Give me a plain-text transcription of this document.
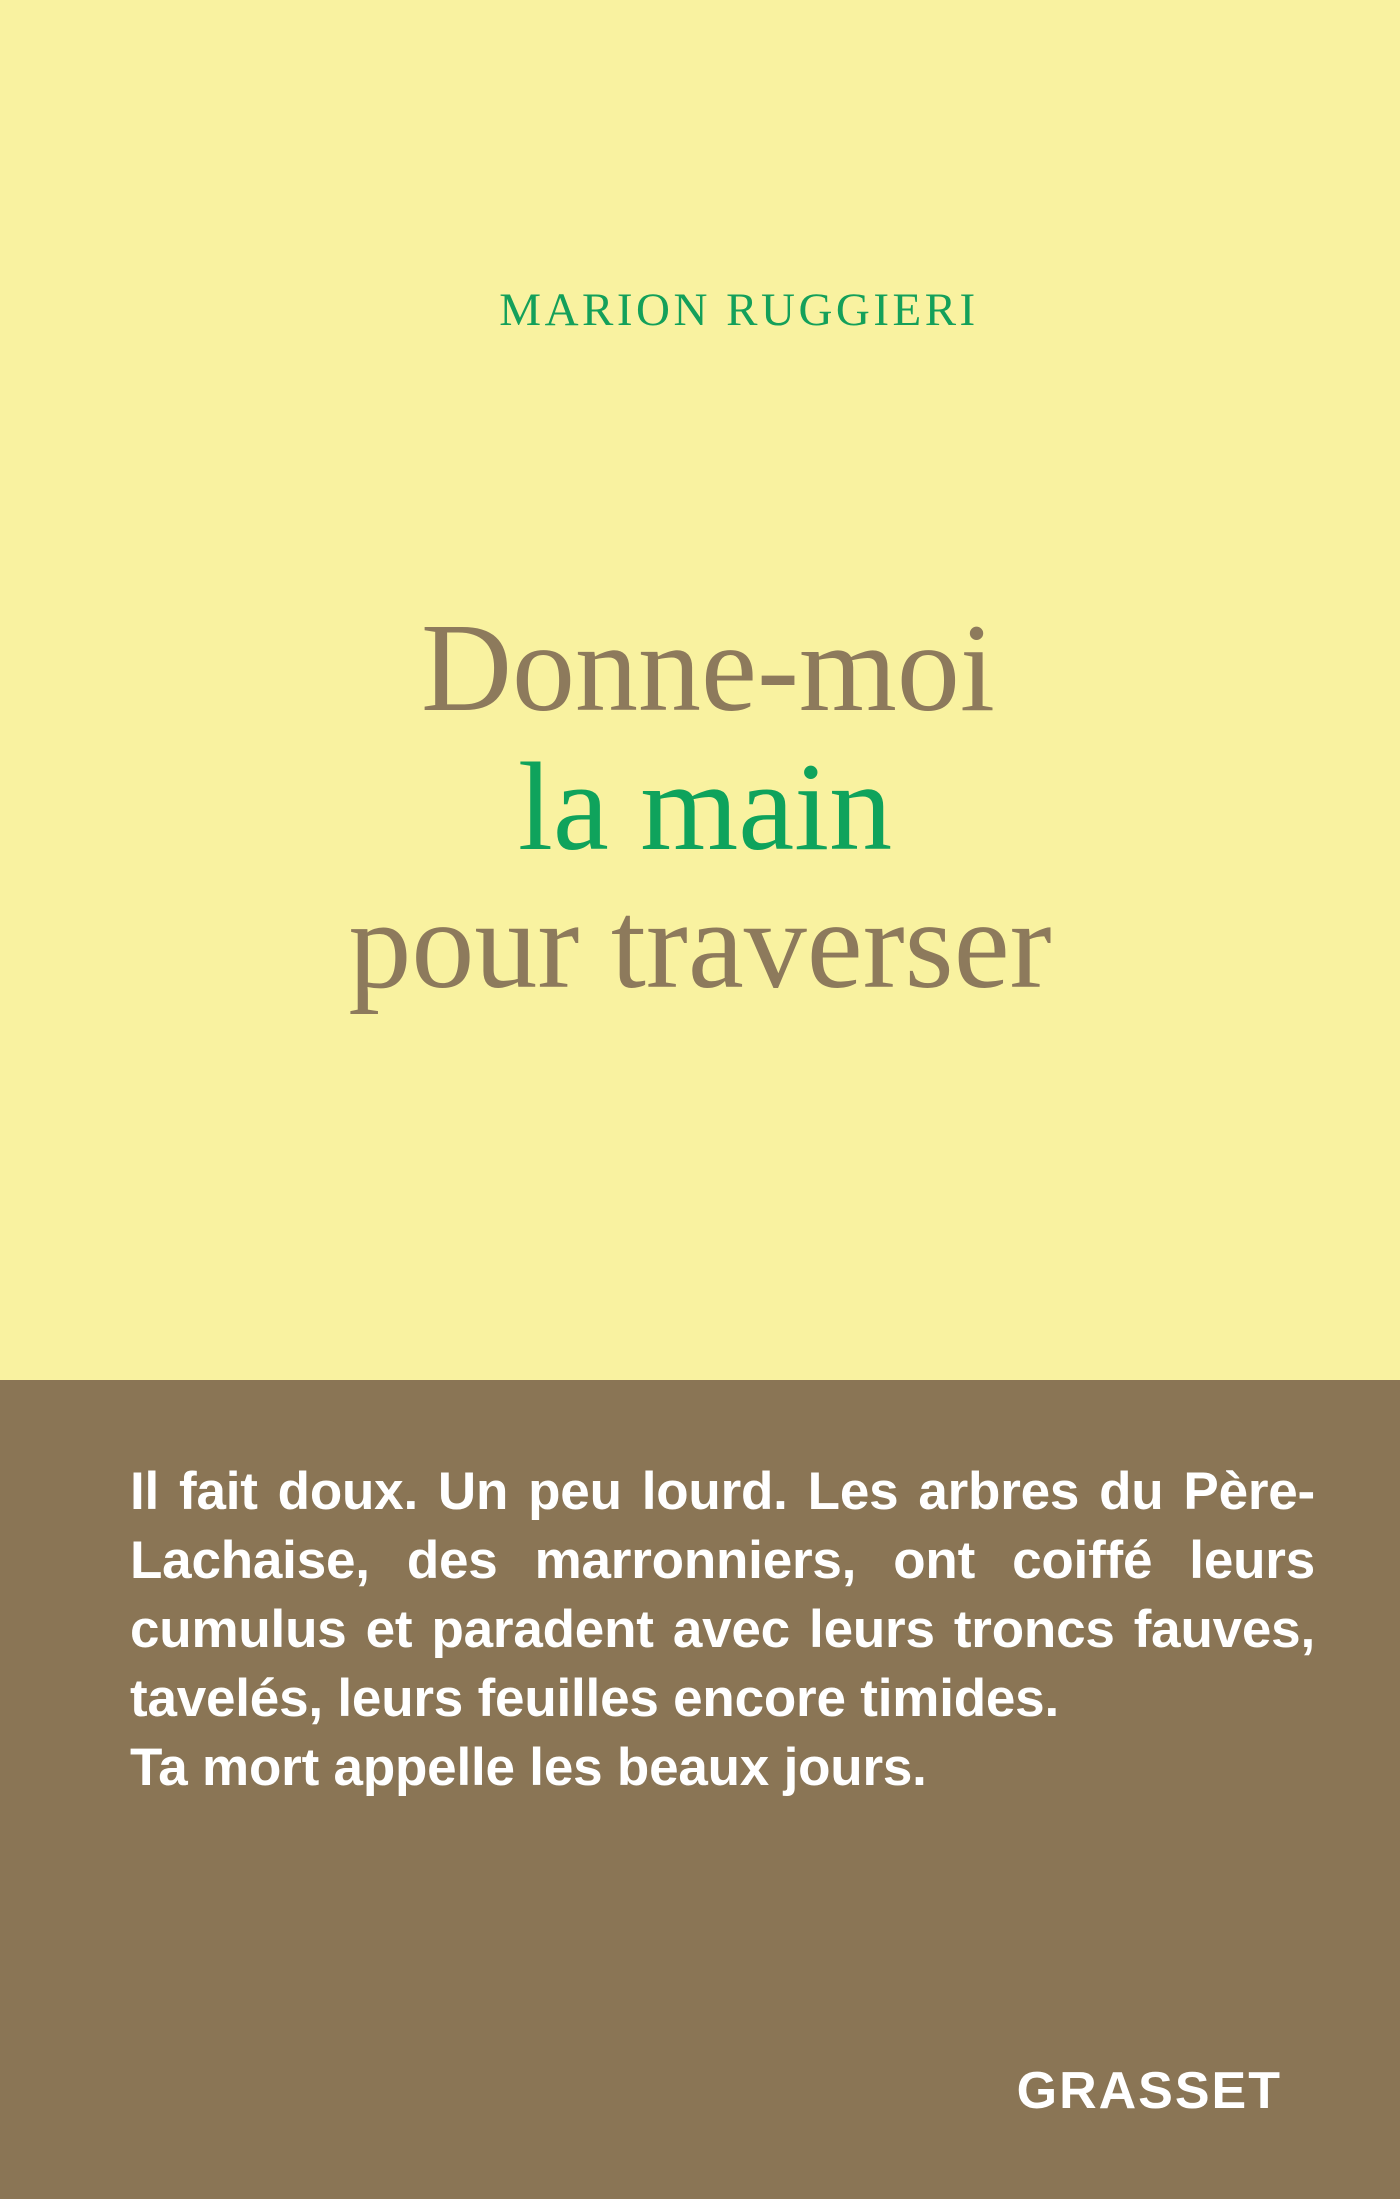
MARION RUGGIERI
Donne-moi
la main
pour traverser

Il fait doux. Un peu lourd. Les arbres du Père-Lachaise, des marronniers, ont coiffé leurs cumulus et paradent avec leurs troncs fauves, tavelés, leurs feuilles encore timides.

Ta mort appelle les beaux jours.

GRASSET
